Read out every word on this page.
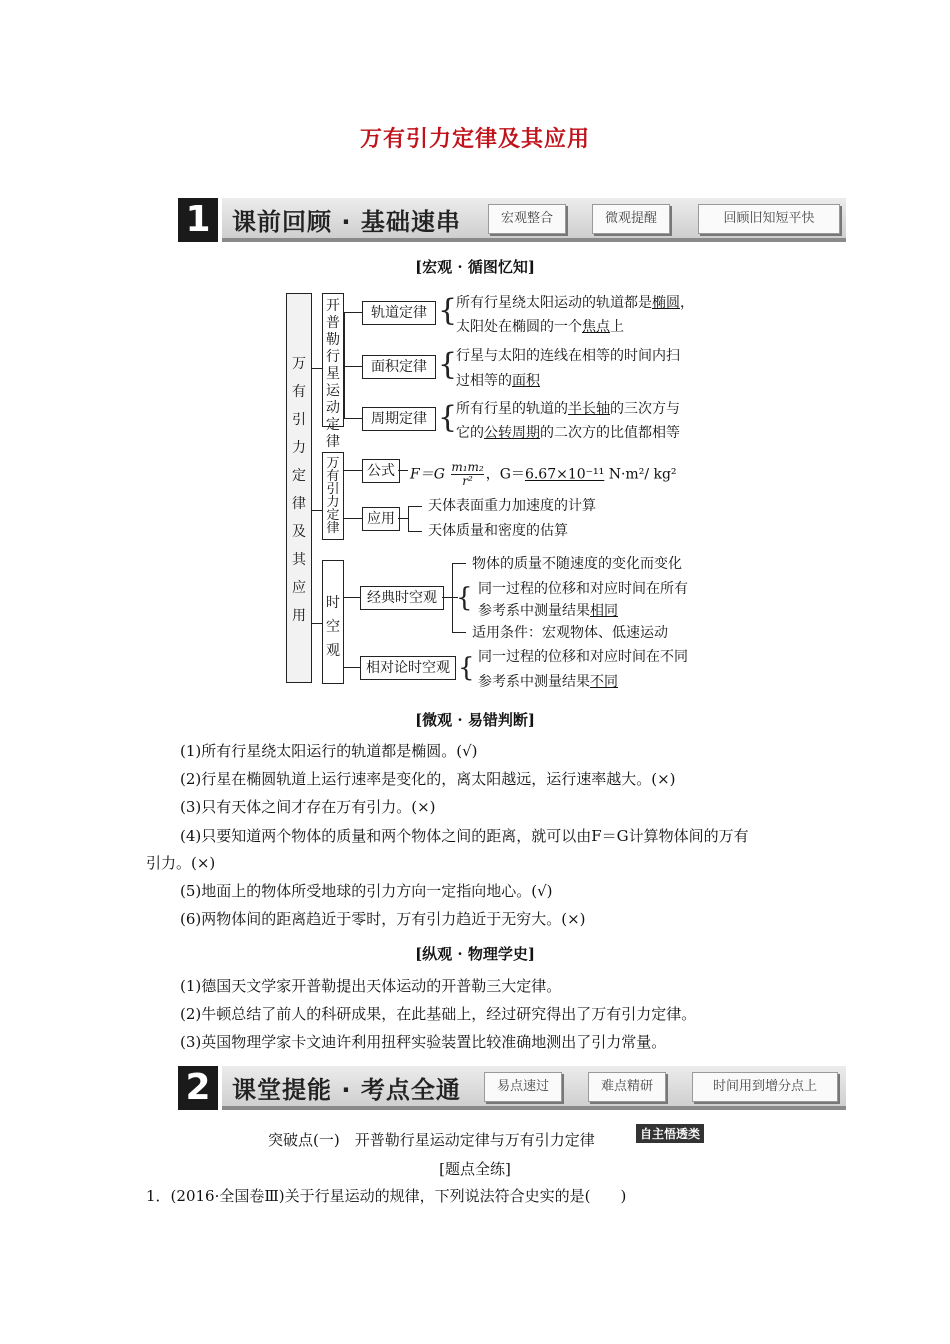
万有引力定律及其应用
1 课前回顾 · 基础速串	宏观整合	微观提醒	回顾旧知短平快
[宏观 · 循图忆知]
万有引力定律及其应用
开普勒行星运动定律
轨道定律
面积定律
周期定律
{
{
{
所有行星绕太阳运动的轨道都是椭圆，
太阳处在椭圆的一个焦点上
行星与太阳的连线在相等的时间内扫
过相等的面积
所有行星的轨道的半长轴的三次方与
它的公转周期的二次方的比值都相等
万有引力定律
公式	$F=G \frac{\text{m₁m₂}}{\text{r²}}$ ，G＝6.67×10⁻¹¹ N·m²/ kg²
应用
天体表面重力加速度的计算
天体质量和密度的估算
时空观
经典时空观
相对论时空观
{
物体的质量不随速度的变化而变化
同一过程的位移和对应时间在所有
参考系中测量结果相同
适用条件：宏观物体、低速运动
{ 同一过程的位移和对应时间在不同
参考系中测量结果不同
[微观 · 易错判断]
(1)所有行星绕太阳运行的轨道都是椭圆。(√)
(2)行星在椭圆轨道上运行速率是变化的，离太阳越远，运行速率越大。(×)
(3)只有天体之间才存在万有引力。(×)
(4)只要知道两个物体的质量和两个物体之间的距离，就可以由F＝G计算物体间的万有
引力。(×)
(5)地面上的物体所受地球的引力方向一定指向地心。(√)
(6)两物体间的距离趋近于零时，万有引力趋近于无穷大。(×)
[纵观 · 物理学史]
(1)德国天文学家开普勒提出天体运动的开普勒三大定律。
(2)牛顿总结了前人的科研成果，在此基础上，经过研究得出了万有引力定律。
(3)英国物理学家卡文迪许利用扭秤实验装置比较准确地测出了引力常量。
2 课堂提能 · 考点全通	易点速过	难点精研	时间用到增分点上
突破点(一)　开普勒行星运动定律与万有引力定律	自主悟透类
[题点全练]
1．(2016·全国卷Ⅲ)关于行星运动的规律，下列说法符合史实的是(　　)
